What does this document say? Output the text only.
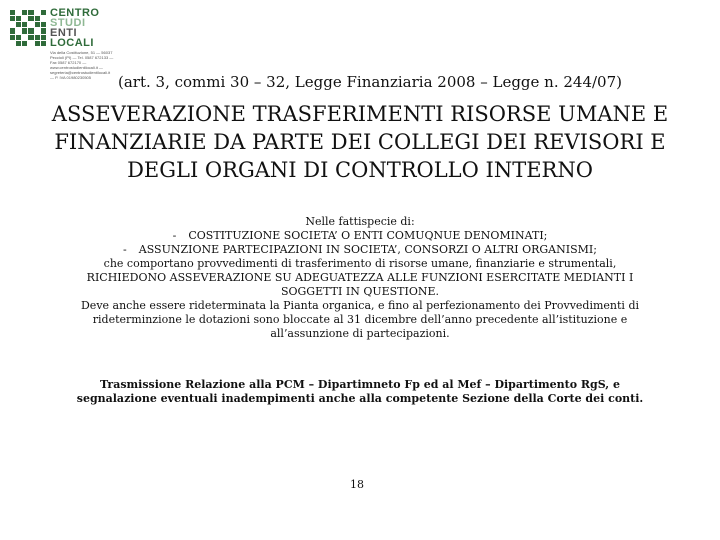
CENTRO
STUDI
ENTI
LOCALI
Via della Costituzione, 51 — 56037 Peccioli (PI) — Tel. 0587 672133 — Fax 0587 672170 — www.centrostudientilocali.it — segreteria@centrostudientilocali.it — P. IVA 01980230505	(art. 3, commi 30 – 32, Legge Finanziaria 2008 – Legge n. 244/07)
ASSEVERAZIONE TRASFERIMENTI RISORSE UMANE E FINANZIARIE DA PARTE DEI COLLEGI DEI REVISORI E DEGLI ORGANI DI CONTROLLO INTERNO

Nelle fattispecie di:

- COSTITUZIONE SOCIETA’ O ENTI COMUQNUE DENOMINATI;
- ASSUNZIONE PARTECIPAZIONI IN SOCIETA’, CONSORZI O ALTRI ORGANISMI;

che comportano provvedimenti di trasferimento di risorse umane, finanziarie e strumentali,

RICHIEDONO ASSEVERAZIONE SU ADEGUATEZZA ALLE FUNZIONI ESERCITATE MEDIANTI I SOGGETTI IN QUESTIONE.

Deve anche essere rideterminata la Pianta organica, e fino al perfezionamento dei Provvedimenti di rideterminzione le dotazioni sono bloccate al 31 dicembre dell’anno precedente all’istituzione e all’assunzione di partecipazioni.

Trasmissione Relazione alla PCM – Dipartimneto Fp ed al Mef – Dipartimento RgS, e segnalazione eventuali inadempimenti anche alla competente Sezione della Corte dei conti.
18
